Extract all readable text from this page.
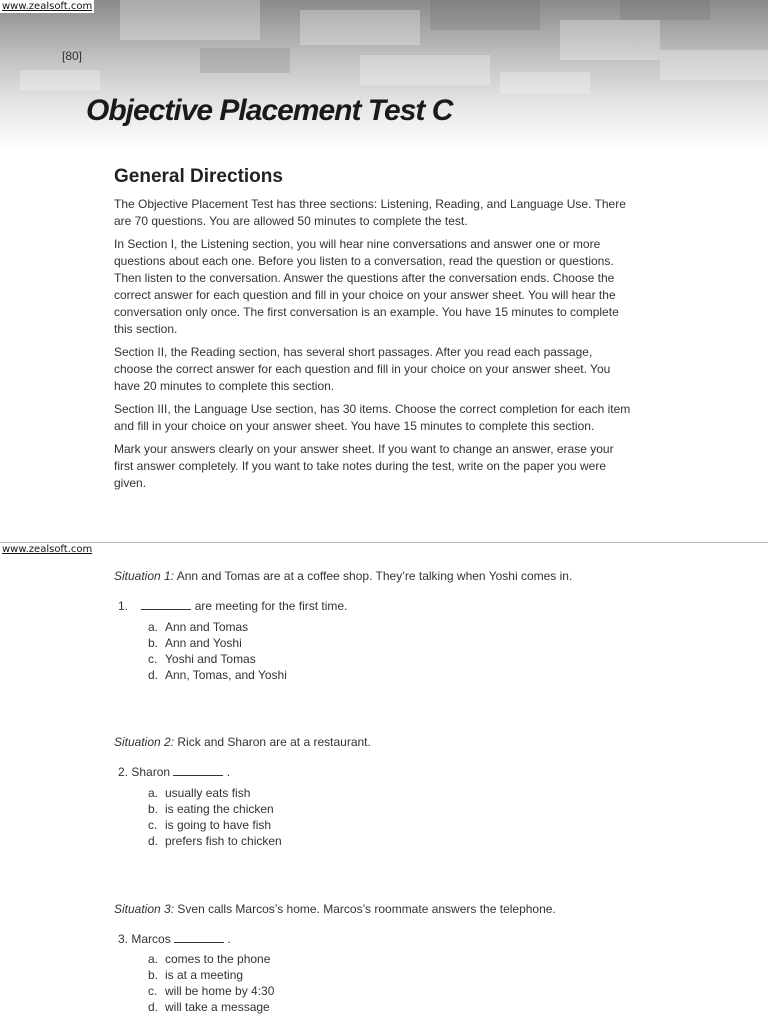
www.zealsoft.com
[80]
Objective Placement Test C
General Directions

The Objective Placement Test has three sections: Listening, Reading, and Language Use. There are 70 questions. You are allowed 50 minutes to complete the test.

In Section I, the Listening section, you will hear nine conversations and answer one or more questions about each one. Before you listen to a conversation, read the question or questions. Then listen to the conversation. Answer the questions after the conversation ends. Choose the correct answer for each question and fill in your choice on your answer sheet. You will hear the conversation only once. The first conversation is an example. You have 15 minutes to complete this section.

Section II, the Reading section, has several short passages. After you read each passage, choose the correct answer for each question and fill in your choice on your answer sheet. You have 20 minutes to complete this section.

Section III, the Language Use section, has 30 items. Choose the correct completion for each item and fill in your choice on your answer sheet. You have 15 minutes to complete this section.

Mark your answers clearly on your answer sheet. If you want to change an answer, erase your first answer completely. If you want to take notes during the test, write on the paper you were given.

www.zealsoft.com
Situation 1: Ann and Tomas are at a coffee shop. They’re talking when Yoshi comes in.
1.	are meeting for the first time.
a. Ann and Tomas
b. Ann and Yoshi
c. Yoshi and Tomas
d. Ann, Tomas, and Yoshi
Situation 2: Rick and Sharon are at a restaurant.
2. Sharon	.
a. usually eats fish
b. is eating the chicken
c. is going to have fish
d. prefers fish to chicken
Situation 3: Sven calls Marcos’s home. Marcos’s roommate answers the telephone.
3. Marcos	.
a. comes to the phone
b. is at a meeting
c. will be home by 4:30
d. will take a message
